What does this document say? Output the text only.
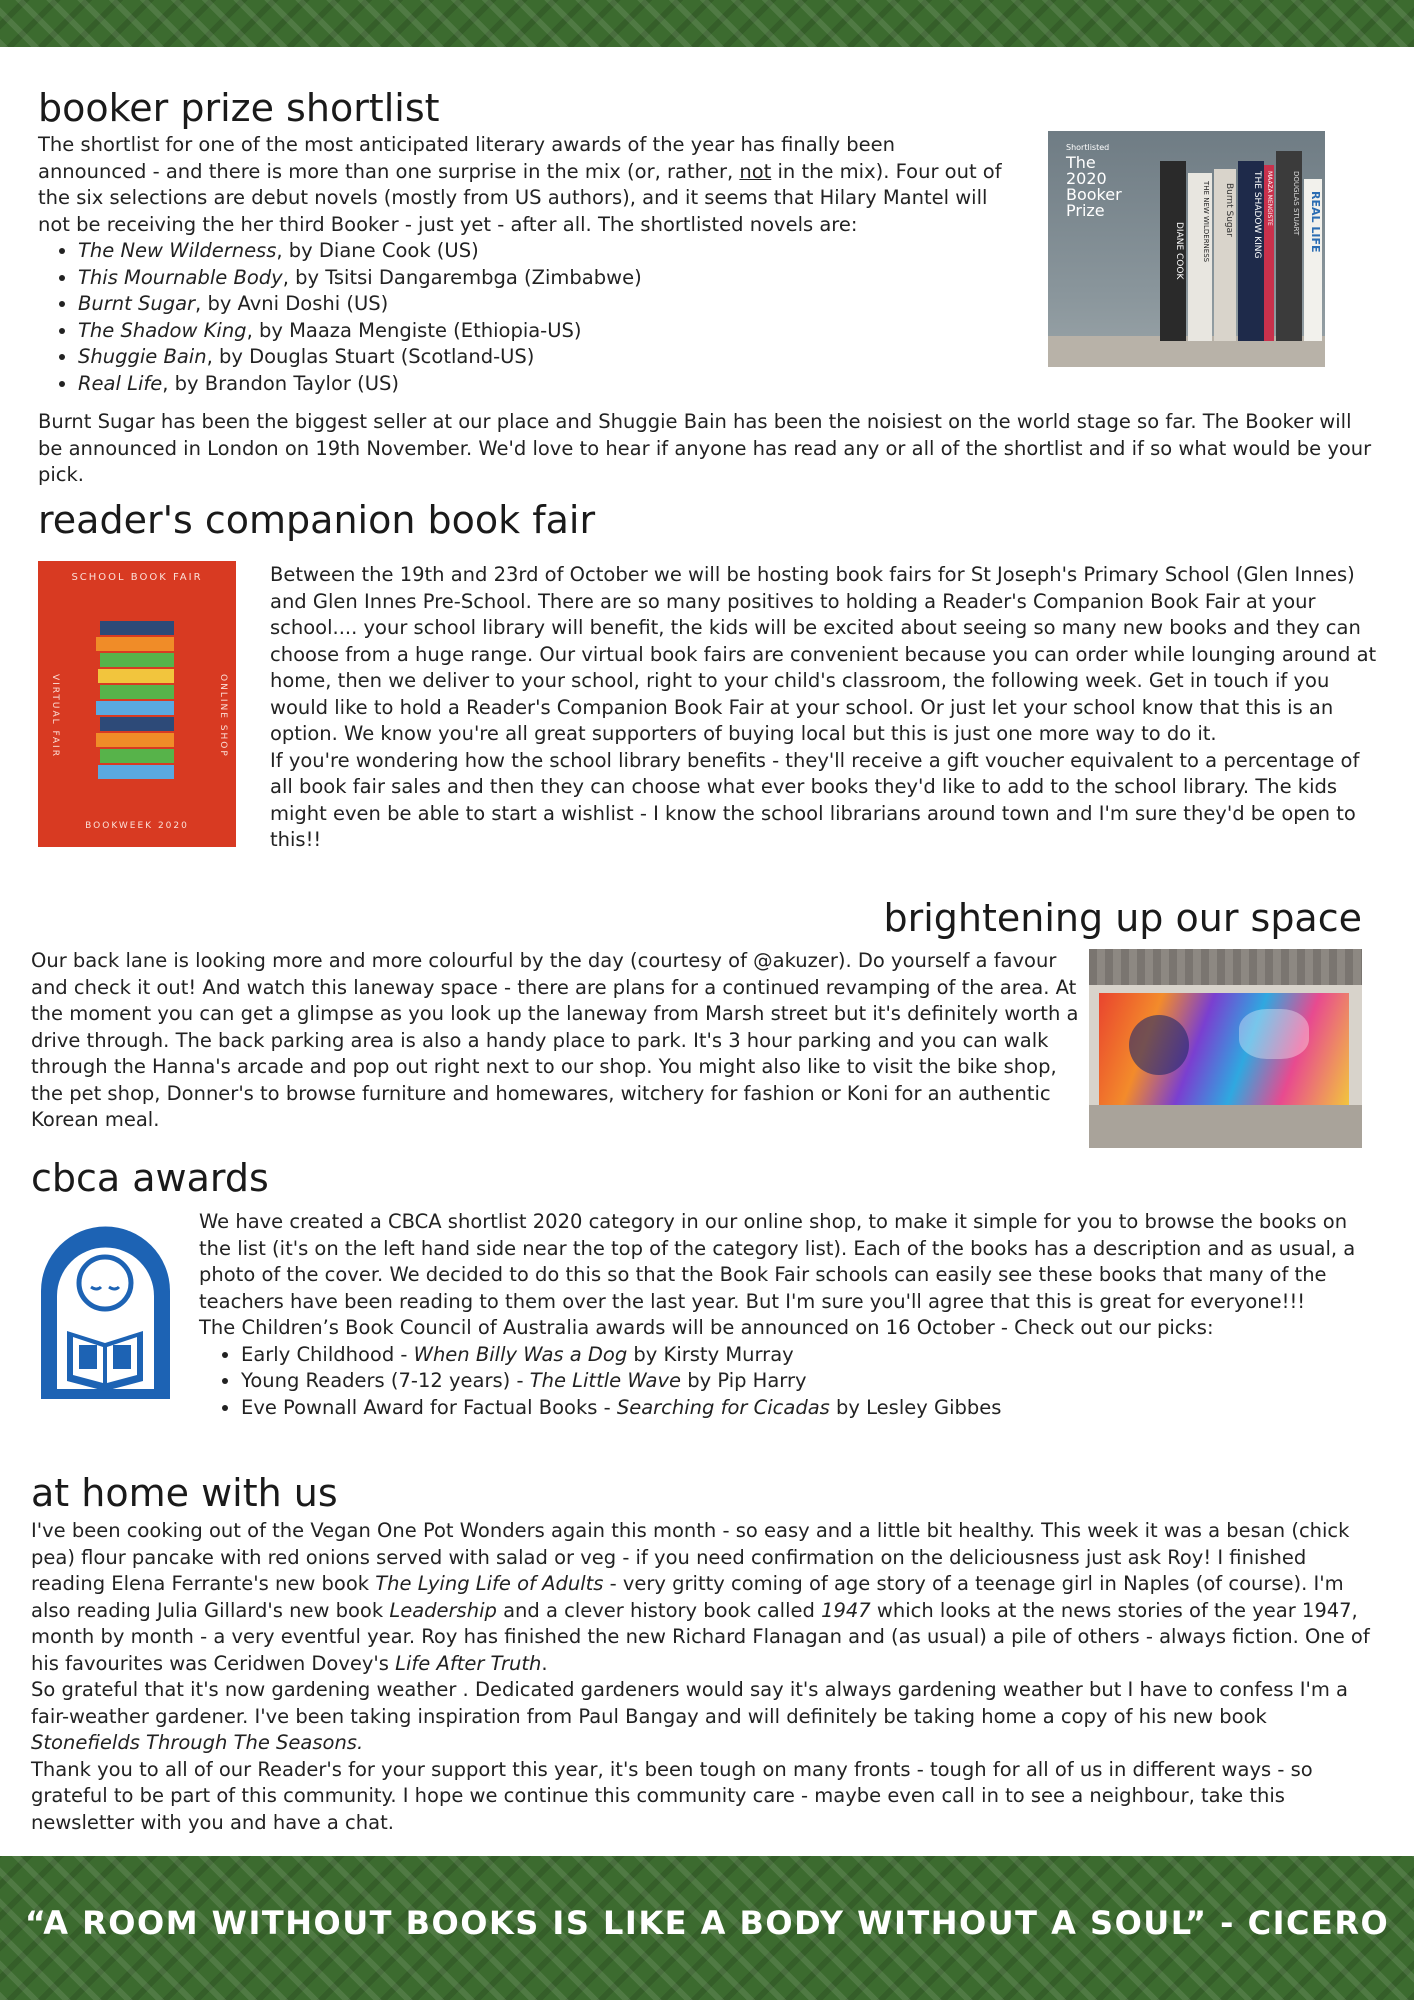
booker prize shortlist

The shortlist for one of the most anticipated literary awards of the year has finally been announced - and there is more than one surprise in the mix (or, rather, not in the mix). Four out of the six selections are debut novels (mostly from US authors), and it seems that Hilary Mantel will not be receiving the her third Booker - just yet - after all. The shortlisted novels are:

• The New Wilderness, by Diane Cook (US)
• This Mournable Body, by Tsitsi Dangarembga (Zimbabwe)
• Burnt Sugar, by Avni Doshi (US)
• The Shadow King, by Maaza Mengiste (Ethiopia-US)
• Shuggie Bain, by Douglas Stuart (Scotland-US)
• Real Life, by Brandon Taylor (US)
Burnt Sugar has been the biggest seller at our place and Shuggie Bain has been the noisiest on the world stage so far. The Booker will be announced in London on 19th November. We'd love to hear if anyone has read any or all of the shortlist and if so what would be your pick.
Shortlisted
The 2020 Booker Prize
DIANE COOK	THE NEW WILDERNESS	Burnt Sugar	THE SHADOW KING MAAZA MENGISTE	DOUGLAS STUART REAL LIFE
reader's companion book fair
SCHOOL BOOK FAIR
VIRTUAL FAIR	ONLINE SHOP
BOOKWEEK 2020

Between the 19th and 23rd of October we will be hosting book fairs for St Joseph's Primary School (Glen Innes) and Glen Innes Pre-School. There are so many positives to holding a Reader's Companion Book Fair at your school.... your school library will benefit, the kids will be excited about seeing so many new books and they can choose from a huge range. Our virtual book fairs are convenient because you can order while lounging around at home, then we deliver to your school, right to your child's classroom, the following week. Get in touch if you would like to hold a Reader's Companion Book Fair at your school. Or just let your school know that this is an option. We know you're all great supporters of buying local but this is just one more way to do it.

If you're wondering how the school library benefits - they'll receive a gift voucher equivalent to a percentage of all book fair sales and then they can choose what ever books they'd like to add to the school library. The kids might even be able to start a wishlist - I know the school librarians around town and I'm sure they'd be open to this!!

brightening up our space
Our back lane is looking more and more colourful by the day (courtesy of @akuzer). Do yourself a favour and check it out! And watch this laneway space - there are plans for a continued revamping of the area. At the moment you can get a glimpse as you look up the laneway from Marsh street but it's definitely worth a drive through. The back parking area is also a handy place to park. It's 3 hour parking and you can walk through the Hanna's arcade and pop out right next to our shop. You might also like to visit the bike shop, the pet shop, Donner's to browse furniture and homewares, witchery for fashion or Koni for an authentic Korean meal.
cbca awards

We have created a CBCA shortlist 2020 category in our online shop, to make it simple for you to browse the books on the list (it's on the left hand side near the top of the category list). Each of the books has a description and as usual, a photo of the cover. We decided to do this so that the Book Fair schools can easily see these books that many of the teachers have been reading to them over the last year. But I'm sure you'll agree that this is great for everyone!!!

The Children’s Book Council of Australia awards will be announced on 16 October - Check out our picks:

• Early Childhood - When Billy Was a Dog by Kirsty Murray
• Young Readers (7-12 years) - The Little Wave by Pip Harry
• Eve Pownall Award for Factual Books - Searching for Cicadas by Lesley Gibbes
at home with us

I've been cooking out of the Vegan One Pot Wonders again this month - so easy and a little bit healthy. This week it was a besan (chick pea) flour pancake with red onions served with salad or veg - if you need confirmation on the deliciousness just ask Roy! I finished reading Elena Ferrante's new book The Lying Life of Adults - very gritty coming of age story of a teenage girl in Naples (of course). I'm also reading Julia Gillard's new book Leadership and a clever history book called 1947 which looks at the news stories of the year 1947, month by month - a very eventful year. Roy has finished the new Richard Flanagan and (as usual) a pile of others - always fiction. One of his favourites was Ceridwen Dovey's Life After Truth.

So grateful that it's now gardening weather . Dedicated gardeners would say it's always gardening weather but I have to confess I'm a fair-weather gardener. I've been taking inspiration from Paul Bangay and will definitely be taking home a copy of his new book Stonefields Through The Seasons.

Thank you to all of our Reader's for your support this year, it's been tough on many fronts - tough for all of us in different ways - so grateful to be part of this community. I hope we continue this community care - maybe even call in to see a neighbour, take this newsletter with you and have a chat.

“A ROOM WITHOUT BOOKS IS LIKE A BODY WITHOUT A SOUL” - CICERO
